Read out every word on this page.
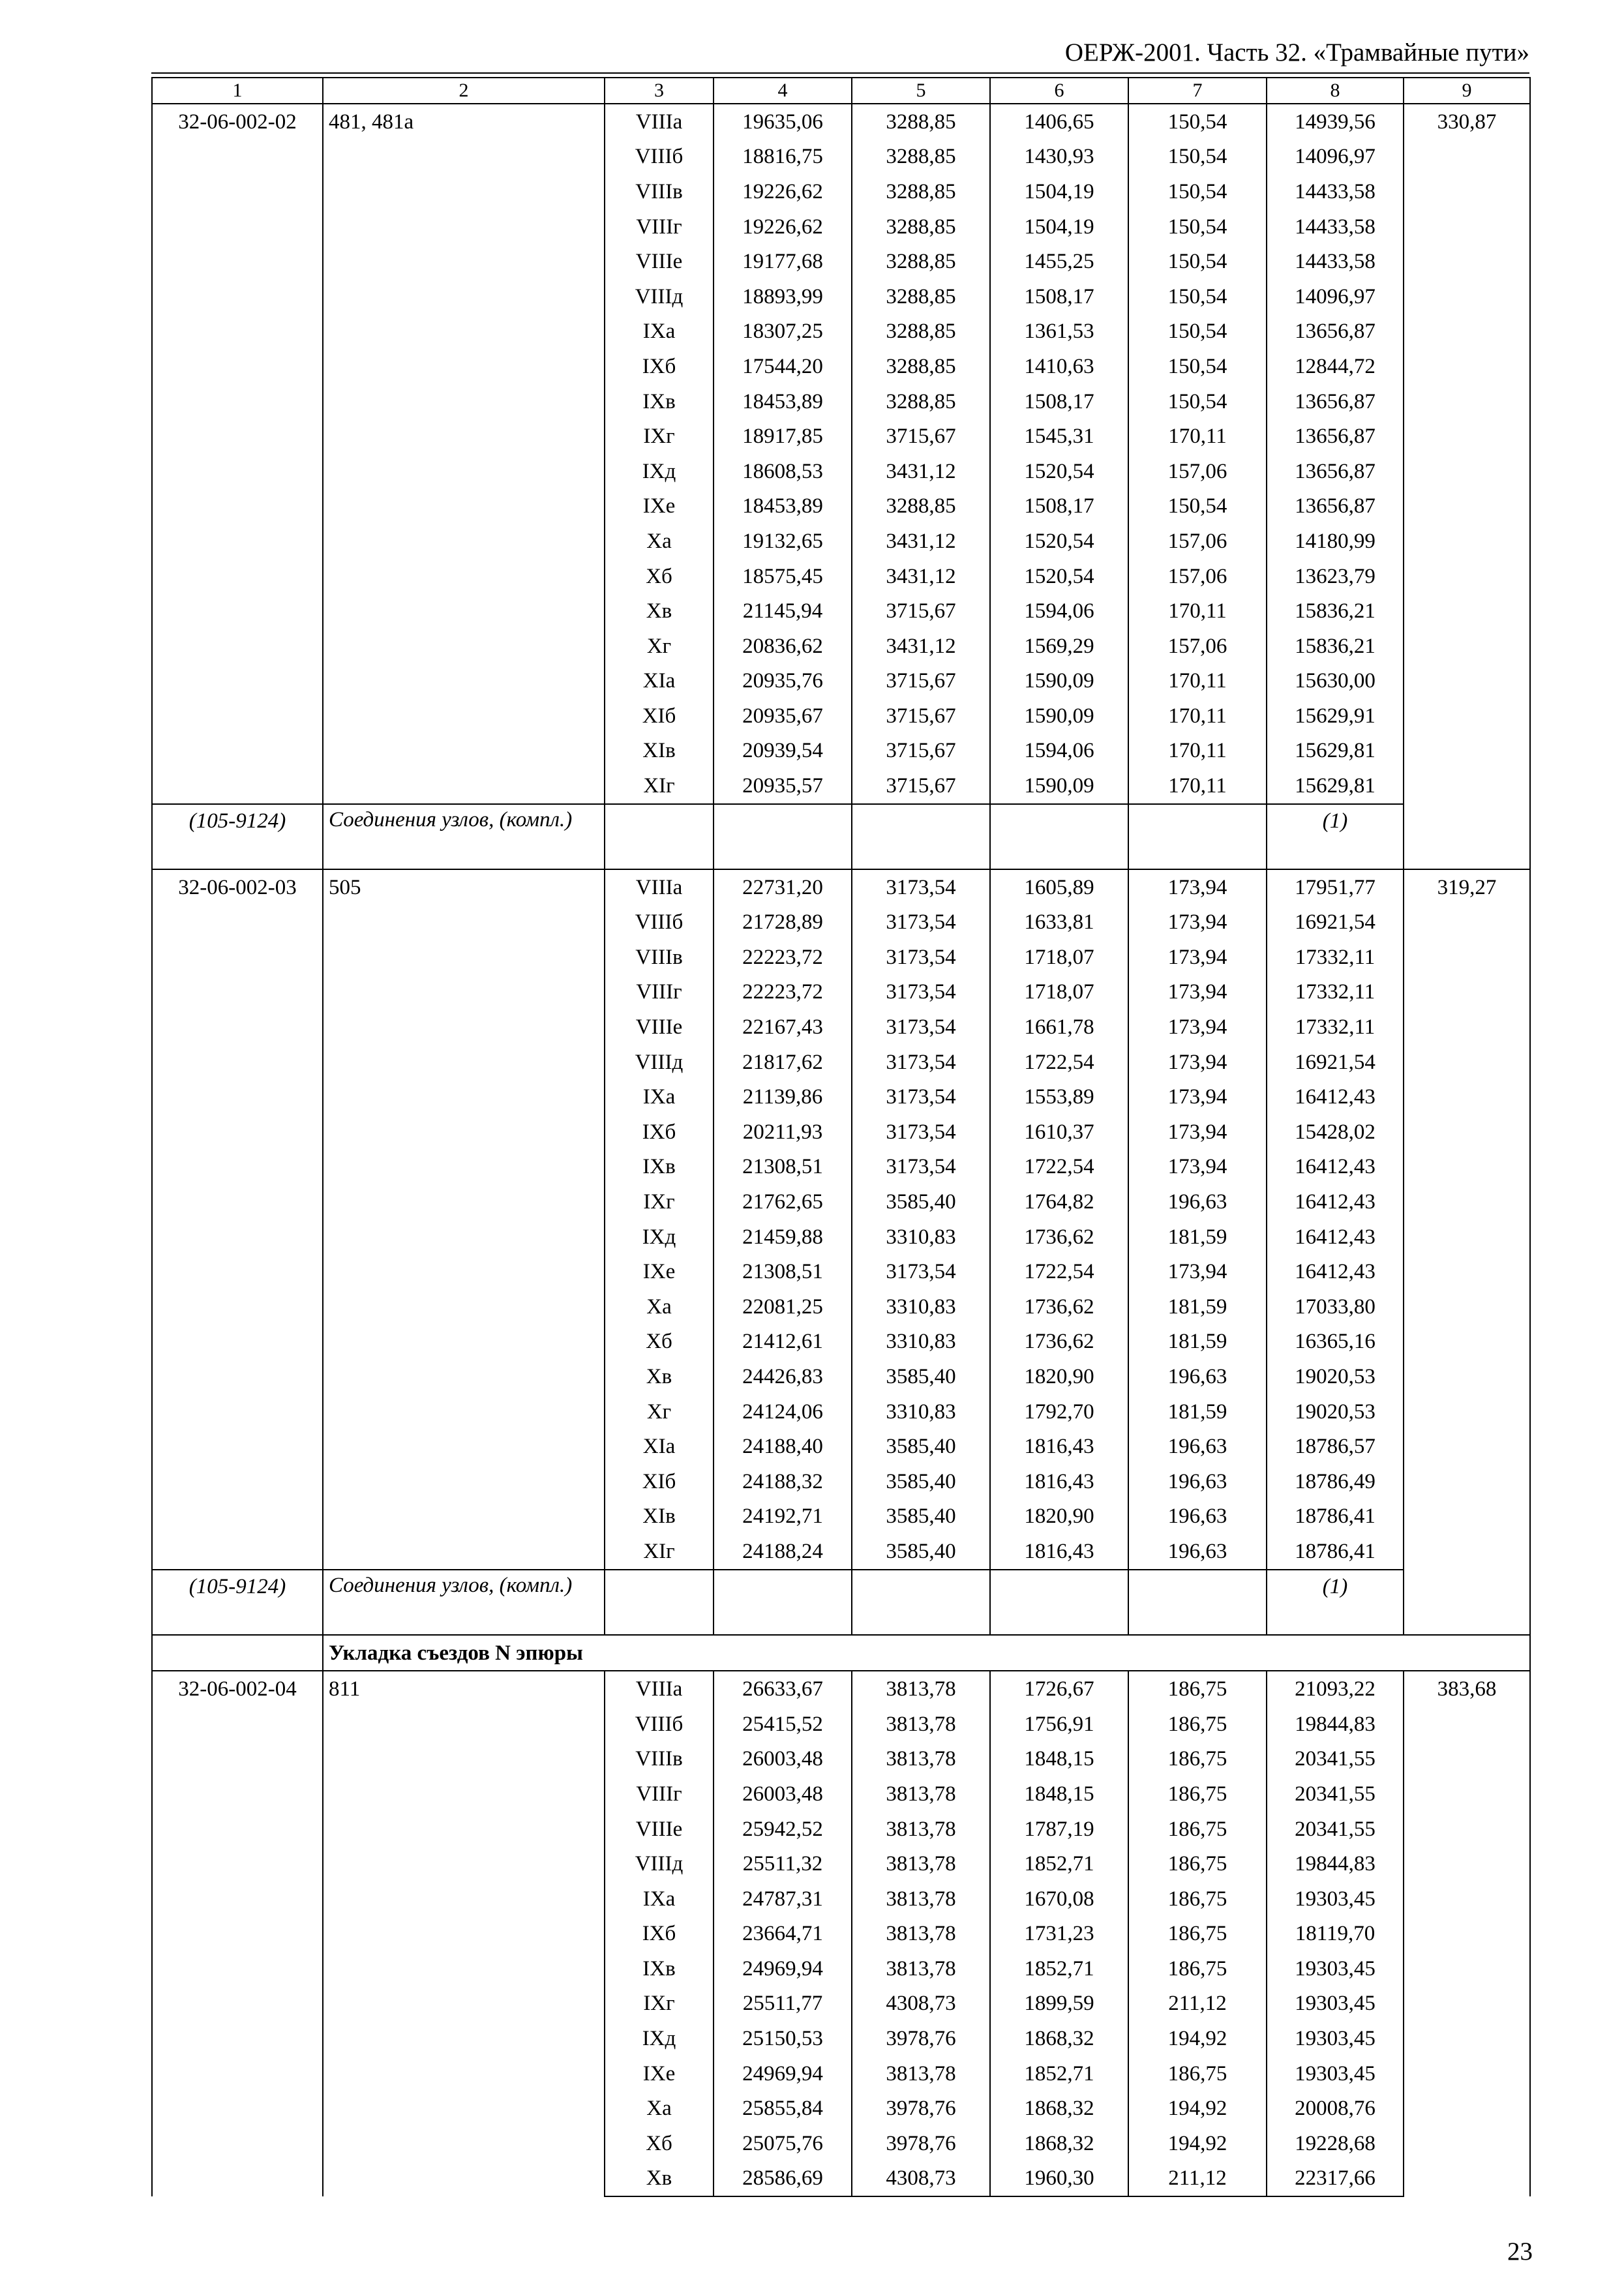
ОЕРЖ-2001. Часть 32. «Трамвайные пути»
1	2	3	4	5	6	7	8	9
32-06-002-02	481, 481а	VIIIа	19635,06	3288,85	1406,65	150,54	14939,56	330,87
		VIIIб	18816,75	3288,85	1430,93	150,54	14096,97	
		VIIIв	19226,62	3288,85	1504,19	150,54	14433,58	
		VIIIг	19226,62	3288,85	1504,19	150,54	14433,58	
		VIIIе	19177,68	3288,85	1455,25	150,54	14433,58	
		VIIIд	18893,99	3288,85	1508,17	150,54	14096,97	
		IXа	18307,25	3288,85	1361,53	150,54	13656,87	
		IXб	17544,20	3288,85	1410,63	150,54	12844,72	
		IXв	18453,89	3288,85	1508,17	150,54	13656,87	
		IXг	18917,85	3715,67	1545,31	170,11	13656,87	
		IXд	18608,53	3431,12	1520,54	157,06	13656,87	
		IXе	18453,89	3288,85	1508,17	150,54	13656,87	
		Xа	19132,65	3431,12	1520,54	157,06	14180,99	
		Xб	18575,45	3431,12	1520,54	157,06	13623,79	
		Xв	21145,94	3715,67	1594,06	170,11	15836,21	
		Xг	20836,62	3431,12	1569,29	157,06	15836,21	
		XIа	20935,76	3715,67	1590,09	170,11	15630,00	
		XIб	20935,67	3715,67	1590,09	170,11	15629,91	
		XIв	20939,54	3715,67	1594,06	170,11	15629,81	
		XIг	20935,57	3715,67	1590,09	170,11	15629,81	
(105-9124)	Соединения узлов, (компл.)						(1)	
32-06-002-03	505	VIIIа	22731,20	3173,54	1605,89	173,94	17951,77	319,27
		VIIIб	21728,89	3173,54	1633,81	173,94	16921,54	
		VIIIв	22223,72	3173,54	1718,07	173,94	17332,11	
		VIIIг	22223,72	3173,54	1718,07	173,94	17332,11	
		VIIIе	22167,43	3173,54	1661,78	173,94	17332,11	
		VIIIд	21817,62	3173,54	1722,54	173,94	16921,54	
		IXа	21139,86	3173,54	1553,89	173,94	16412,43	
		IXб	20211,93	3173,54	1610,37	173,94	15428,02	
		IXв	21308,51	3173,54	1722,54	173,94	16412,43	
		IXг	21762,65	3585,40	1764,82	196,63	16412,43	
		IXд	21459,88	3310,83	1736,62	181,59	16412,43	
		IXе	21308,51	3173,54	1722,54	173,94	16412,43	
		Xа	22081,25	3310,83	1736,62	181,59	17033,80	
		Xб	21412,61	3310,83	1736,62	181,59	16365,16	
		Xв	24426,83	3585,40	1820,90	196,63	19020,53	
		Xг	24124,06	3310,83	1792,70	181,59	19020,53	
		XIа	24188,40	3585,40	1816,43	196,63	18786,57	
		XIб	24188,32	3585,40	1816,43	196,63	18786,49	
		XIв	24192,71	3585,40	1820,90	196,63	18786,41	
		XIг	24188,24	3585,40	1816,43	196,63	18786,41	
(105-9124)	Соединения узлов, (компл.)						(1)	
	Укладка съездов N эпюры							
32-06-002-04	811	VIIIа	26633,67	3813,78	1726,67	186,75	21093,22	383,68
		VIIIб	25415,52	3813,78	1756,91	186,75	19844,83	
		VIIIв	26003,48	3813,78	1848,15	186,75	20341,55	
		VIIIг	26003,48	3813,78	1848,15	186,75	20341,55	
		VIIIе	25942,52	3813,78	1787,19	186,75	20341,55	
		VIIIд	25511,32	3813,78	1852,71	186,75	19844,83	
		IXа	24787,31	3813,78	1670,08	186,75	19303,45	
		IXб	23664,71	3813,78	1731,23	186,75	18119,70	
		IXв	24969,94	3813,78	1852,71	186,75	19303,45	
		IXг	25511,77	4308,73	1899,59	211,12	19303,45	
		IXд	25150,53	3978,76	1868,32	194,92	19303,45	
		IXе	24969,94	3813,78	1852,71	186,75	19303,45	
		Xа	25855,84	3978,76	1868,32	194,92	20008,76	
		Xб	25075,76	3978,76	1868,32	194,92	19228,68	
		Xв	28586,69	4308,73	1960,30	211,12	22317,66	
23
